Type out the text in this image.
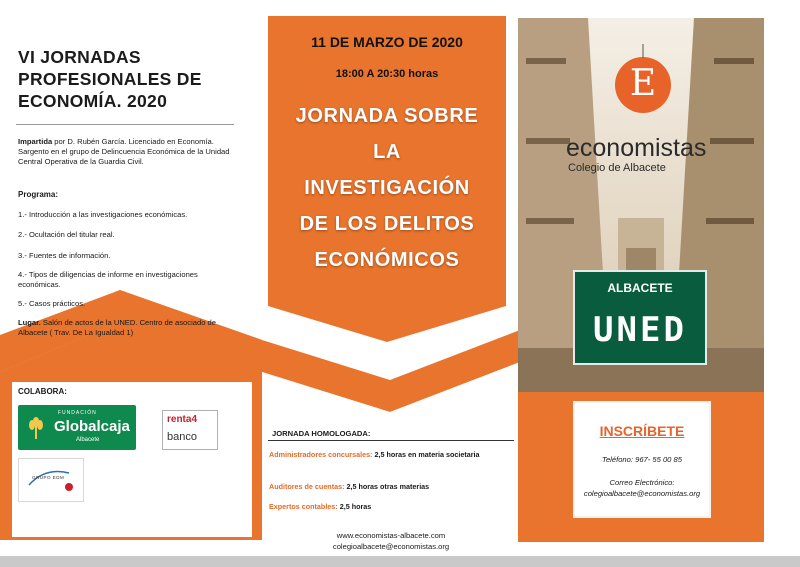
VI JORNADAS
PROFESIONALES DE
ECONOMÍA. 2020
Impartida por D. Rubén García. Licenciado en Economía. Sargento en el grupo de Delincuencia Económica de la Unidad Central Operativa de la Guardia Civil.
Programa:
1.- Introducción a las investigaciones económicas.
2.- Ocultación del titular real.
3.- Fuentes de información.
4.- Tipos de diligencias de informe en investigaciones económicas.
5.- Casos prácticos.
Lugar. Salón de actos de la UNED. Centro de asociado de Albacete ( Trav. De La Igualdad 1)
COLABORA:
FUNDACIÓN
Globalcaja
Albacete
renta4
banco
GRUPO EDM
11 DE MARZO DE 2020
18:00 A 20:30 horas
JORNADA SOBRE
LA
INVESTIGACIÓN
DE LOS DELITOS
ECONÓMICOS
JORNADA HOMOLOGADA:
Administradores concursales: 2,5 horas en materia societaria
Auditores de cuentas: 2,5 horas otras materias
Expertos contables: 2,5 horas
www.economistas-albacete.com
colegioalbacete@economistas.org
E
economistas
Colegio de Albacete
ALBACETE
UNED
INSCRÍBETE
Teléfono: 967- 55 00 85
Correo Electrónico:
colegioalbacete@economistas.org
